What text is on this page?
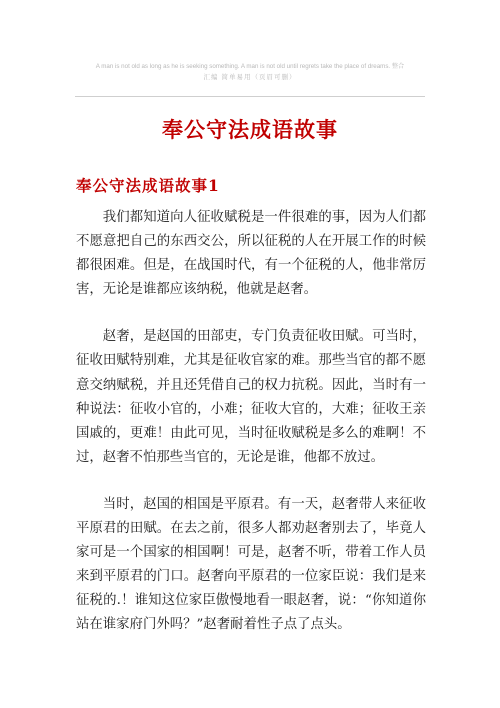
A man is not old as long as he is seeking something. A man is not old until regrets take the place of dreams. 整合
汇编 简单易用（页眉可删）
奉公守法成语故事
奉公守法成语故事1

我们都知道向人征收赋税是一件很难的事，因为人们都不愿意把自己的东西交公，所以征税的人在开展工作的时候都很困难。但是，在战国时代，有一个征税的人，他非常厉害，无论是谁都应该纳税，他就是赵奢。

赵奢，是赵国的田部吏，专门负责征收田赋。可当时，征收田赋特别难，尤其是征收官家的难。那些当官的都不愿意交纳赋税，并且还凭借自己的权力抗税。因此，当时有一种说法：征收小官的，小难；征收大官的，大难；征收王亲国戚的，更难！由此可见，当时征收赋税是多么的难啊！不过，赵奢不怕那些当官的，无论是谁，他都不放过。

当时，赵国的相国是平原君。有一天，赵奢带人来征收平原君的田赋。在去之前，很多人都劝赵奢别去了，毕竟人家可是一个国家的相国啊！可是，赵奢不听，带着工作人员来到平原君的门口。赵奢向平原君的一位家臣说：我们是来征税的.！谁知这位家臣傲慢地看一眼赵奢，说：“你知道你站在谁家府门外吗？”赵奢耐着性子点了点头。
